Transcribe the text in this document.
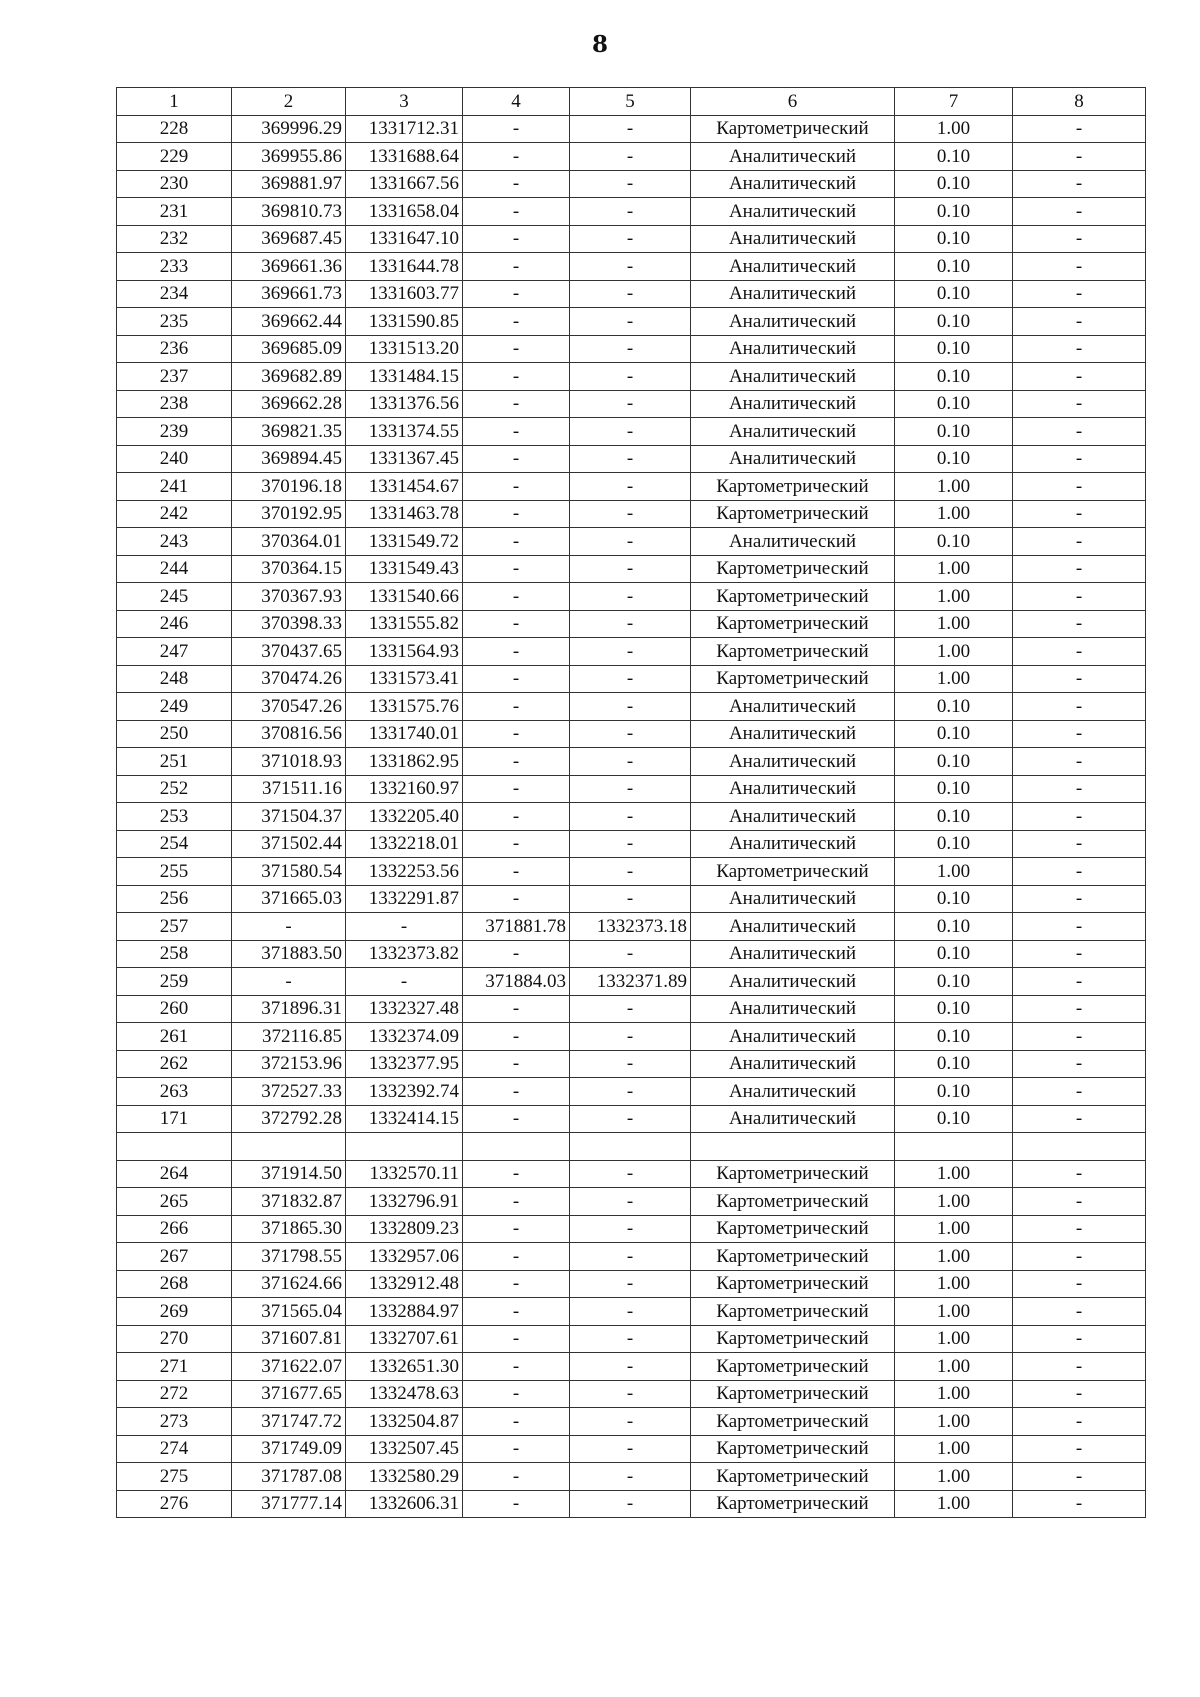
8
1	2	3	4	5	6	7	8
228	369996.29	1331712.31	-	-	Картометрический	1.00	-
229	369955.86	1331688.64	-	-	Аналитический	0.10	-
230	369881.97	1331667.56	-	-	Аналитический	0.10	-
231	369810.73	1331658.04	-	-	Аналитический	0.10	-
232	369687.45	1331647.10	-	-	Аналитический	0.10	-
233	369661.36	1331644.78	-	-	Аналитический	0.10	-
234	369661.73	1331603.77	-	-	Аналитический	0.10	-
235	369662.44	1331590.85	-	-	Аналитический	0.10	-
236	369685.09	1331513.20	-	-	Аналитический	0.10	-
237	369682.89	1331484.15	-	-	Аналитический	0.10	-
238	369662.28	1331376.56	-	-	Аналитический	0.10	-
239	369821.35	1331374.55	-	-	Аналитический	0.10	-
240	369894.45	1331367.45	-	-	Аналитический	0.10	-
241	370196.18	1331454.67	-	-	Картометрический	1.00	-
242	370192.95	1331463.78	-	-	Картометрический	1.00	-
243	370364.01	1331549.72	-	-	Аналитический	0.10	-
244	370364.15	1331549.43	-	-	Картометрический	1.00	-
245	370367.93	1331540.66	-	-	Картометрический	1.00	-
246	370398.33	1331555.82	-	-	Картометрический	1.00	-
247	370437.65	1331564.93	-	-	Картометрический	1.00	-
248	370474.26	1331573.41	-	-	Картометрический	1.00	-
249	370547.26	1331575.76	-	-	Аналитический	0.10	-
250	370816.56	1331740.01	-	-	Аналитический	0.10	-
251	371018.93	1331862.95	-	-	Аналитический	0.10	-
252	371511.16	1332160.97	-	-	Аналитический	0.10	-
253	371504.37	1332205.40	-	-	Аналитический	0.10	-
254	371502.44	1332218.01	-	-	Аналитический	0.10	-
255	371580.54	1332253.56	-	-	Картометрический	1.00	-
256	371665.03	1332291.87	-	-	Аналитический	0.10	-
257	-	-	371881.78	1332373.18	Аналитический	0.10	-
258	371883.50	1332373.82	-	-	Аналитический	0.10	-
259	-	-	371884.03	1332371.89	Аналитический	0.10	-
260	371896.31	1332327.48	-	-	Аналитический	0.10	-
261	372116.85	1332374.09	-	-	Аналитический	0.10	-
262	372153.96	1332377.95	-	-	Аналитический	0.10	-
263	372527.33	1332392.74	-	-	Аналитический	0.10	-
171	372792.28	1332414.15	-	-	Аналитический	0.10	-

264	371914.50	1332570.11	-	-	Картометрический	1.00	-
265	371832.87	1332796.91	-	-	Картометрический	1.00	-
266	371865.30	1332809.23	-	-	Картометрический	1.00	-
267	371798.55	1332957.06	-	-	Картометрический	1.00	-
268	371624.66	1332912.48	-	-	Картометрический	1.00	-
269	371565.04	1332884.97	-	-	Картометрический	1.00	-
270	371607.81	1332707.61	-	-	Картометрический	1.00	-
271	371622.07	1332651.30	-	-	Картометрический	1.00	-
272	371677.65	1332478.63	-	-	Картометрический	1.00	-
273	371747.72	1332504.87	-	-	Картометрический	1.00	-
274	371749.09	1332507.45	-	-	Картометрический	1.00	-
275	371787.08	1332580.29	-	-	Картометрический	1.00	-
276	371777.14	1332606.31	-	-	Картометрический	1.00	-
